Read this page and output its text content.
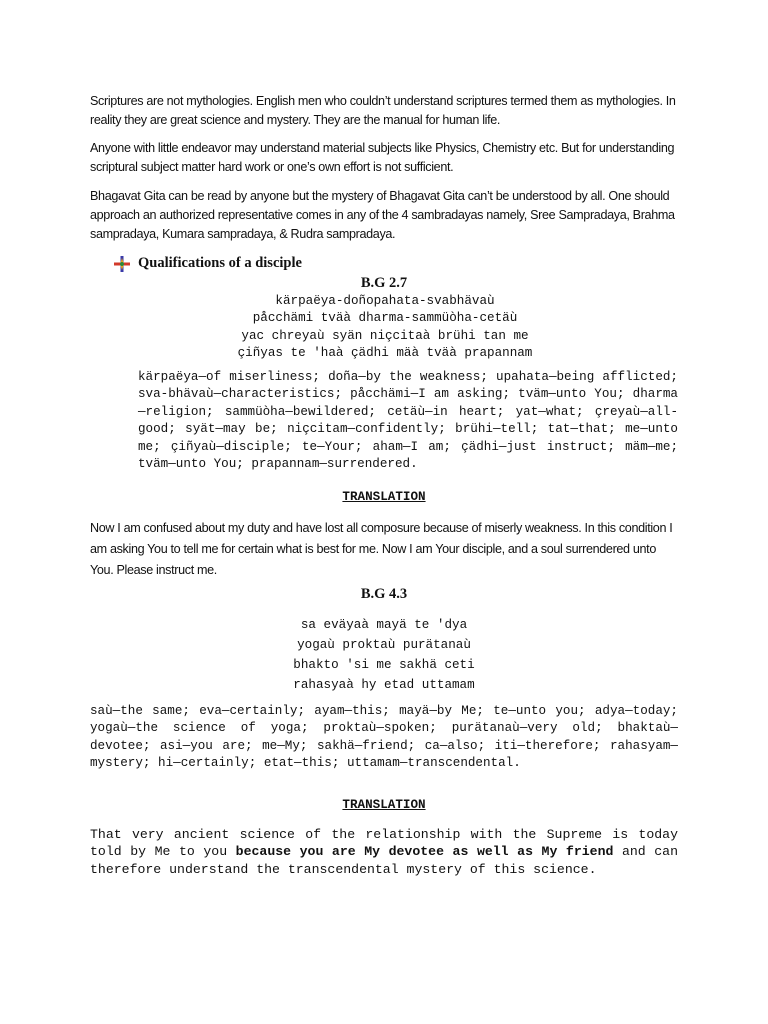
Scriptures are not mythologies. English men who couldn’t understand scriptures termed them as mythologies. In reality they are great science and mystery. They are the manual for human life.

Anyone with little endeavor may understand material subjects like Physics, Chemistry etc. But for understanding scriptural subject matter hard work or one’s own effort is not sufficient.

Bhagavat Gita can be read by anyone but the mystery of Bhagavat Gita can’t be understood by all. One should approach an authorized representative comes in any of the 4 sambradayas namely, Sree Sampradaya, Brahma sampradaya, Kumara sampradaya, & Rudra sampradaya.

Qualifications of a disciple

B.G 2.7

kärpaëya-doñopahata-svabhävaù
påcchämi tväà dharma-sammüòha-cetäù
yac chreyaù syän niçcitaà brühi tan me
çiñyas te 'haà çädhi mäà tväà prapannam

kärpaëya—of miserliness; doña—by the weakness; upahata—being afflicted; sva-bhävaù—characteristics; påcchämi—I am asking; tväm—unto You; dharma—religion; sammüòha—bewildered; cetäù—in heart; yat—what; çreyaù—all-good; syät—may be; niçcitam—confidently; brühi—tell; tat—that; me—unto me; çiñyaù—disciple; te—Your; aham—I am; çädhi—just instruct; mäm—me; tväm—unto You; prapannam—surrendered.

TRANSLATION

Now I am confused about my duty and have lost all composure because of miserly weakness. In this condition I am asking You to tell me for certain what is best for me. Now I am Your disciple, and a soul surrendered unto You. Please instruct me.

B.G 4.3

sa eväyaà mayä te 'dya
yogaù proktaù purätanaù
bhakto 'si me sakhä ceti
rahasyaà hy etad uttamam

saù—the same; eva—certainly; ayam—this; mayä—by Me; te—unto you; adya—today; yogaù—the science of yoga; proktaù—spoken; purätanaù—very old; bhaktaù—devotee; asi—you are; me—My; sakhä—friend; ca—also; iti—therefore; rahasyam—mystery; hi—certainly; etat—this; uttamam—transcendental.

TRANSLATION

That very ancient science of the relationship with the Supreme is today told by Me to you because you are My devotee as well as My friend and can therefore understand the transcendental mystery of this science.
